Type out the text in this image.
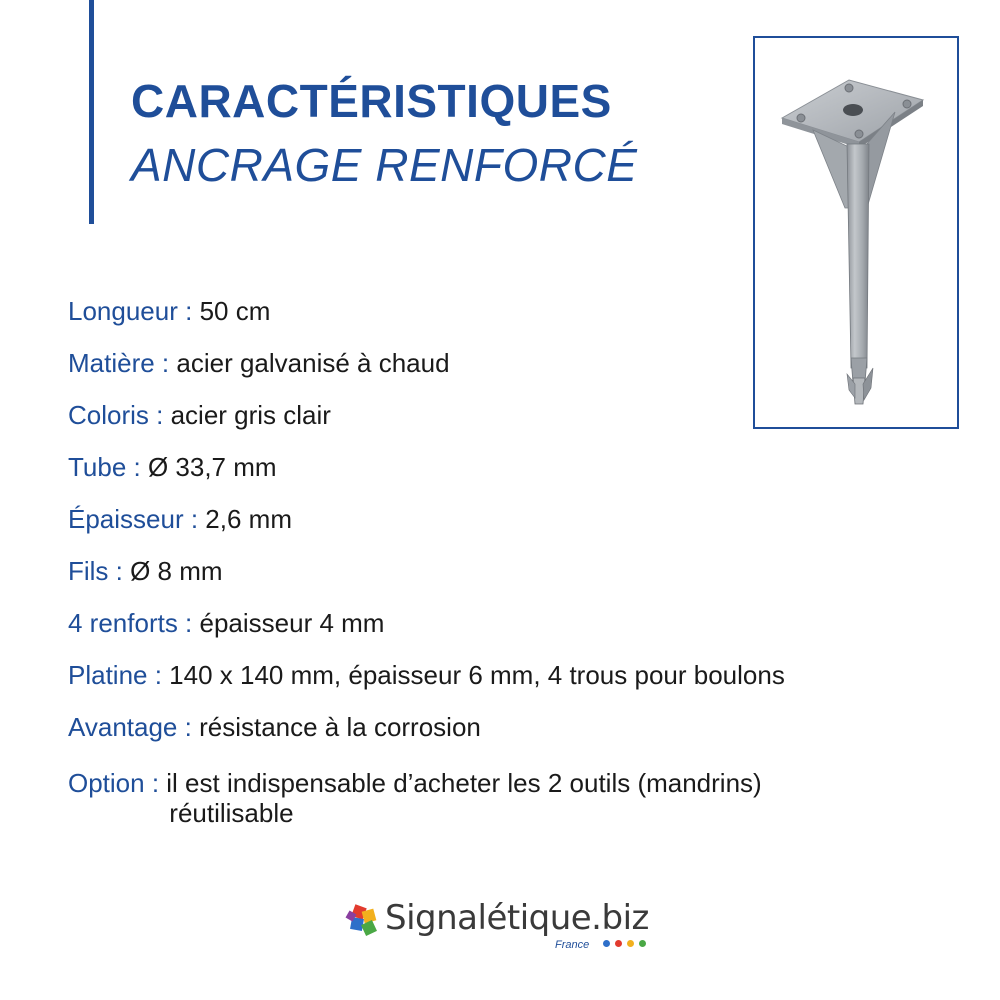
CARACTÉRISTIQUES
ANCRAGE RENFORCÉ
Longueur : 50 cm
Matière : acier galvanisé à chaud
Coloris : acier gris clair
Tube : Ø 33,7 mm
Épaisseur : 2,6 mm
Fils : Ø 8 mm
4 renforts : épaisseur 4 mm
Platine : 140 x 140 mm, épaisseur 6 mm, 4 trous pour boulons
Avantage : résistance à la corrosion
Option : il est indispensable d’acheter les 2 outils (mandrins)
réutilisable
Signalétique.biz
France
